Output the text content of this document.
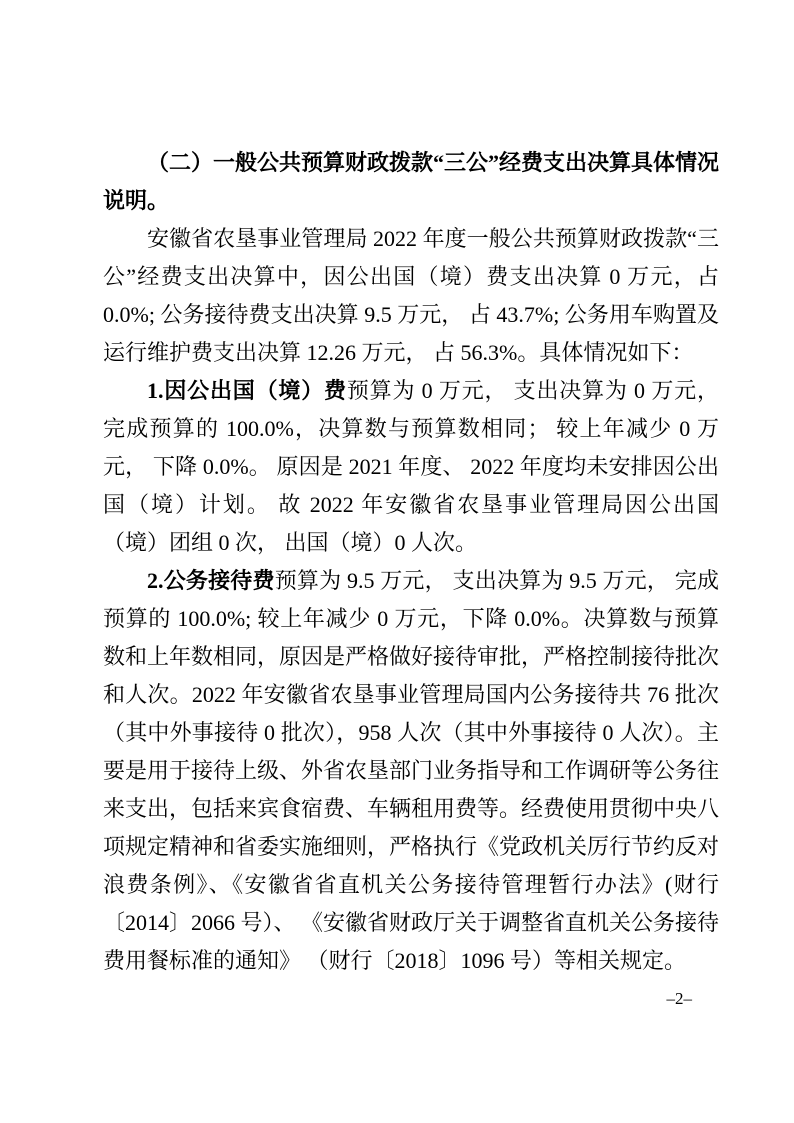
（二）一般公共预算财政拨款“三公”经费支出决算具体情况说明。

安徽省农垦事业管理局 2022 年度一般公共预算财政拨款“三公”经费支出决算中，因公出国（境）费支出决算 0 万元，占 0.0%; 公务接待费支出决算 9.5 万元， 占 43.7%; 公务用车购置及运行维护费支出决算 12.26 万元， 占 56.3%。具体情况如下：

1.因公出国（境）费预算为 0 万元， 支出决算为 0 万元， 完成预算的 100.0%，决算数与预算数相同； 较上年减少 0 万元， 下降 0.0%。 原因是 2021 年度、 2022 年度均未安排因公出国（境）计划。 故 2022 年安徽省农垦事业管理局因公出国（境）团组 0 次， 出国（境）0 人次。

2.公务接待费预算为 9.5 万元， 支出决算为 9.5 万元， 完成预算的 100.0%; 较上年减少 0 万元，下降 0.0%。决算数与预算数和上年数相同，原因是严格做好接待审批，严格控制接待批次和人次。2022 年安徽省农垦事业管理局国内公务接待共 76 批次（其中外事接待 0 批次），958 人次（其中外事接待 0 人次）。主要是用于接待上级、外省农垦部门业务指导和工作调研等公务往来支出，包括来宾食宿费、车辆租用费等。经费使用贯彻中央八项规定精神和省委实施细则，严格执行《党政机关厉行节约反对浪费条例》、《安徽省省直机关公务接待管理暂行办法》(财行〔2014〕2066 号）、 《安徽省财政厅关于调整省直机关公务接待费用餐标准的通知》 （财行〔2018〕1096 号）等相关规定。

–2–
